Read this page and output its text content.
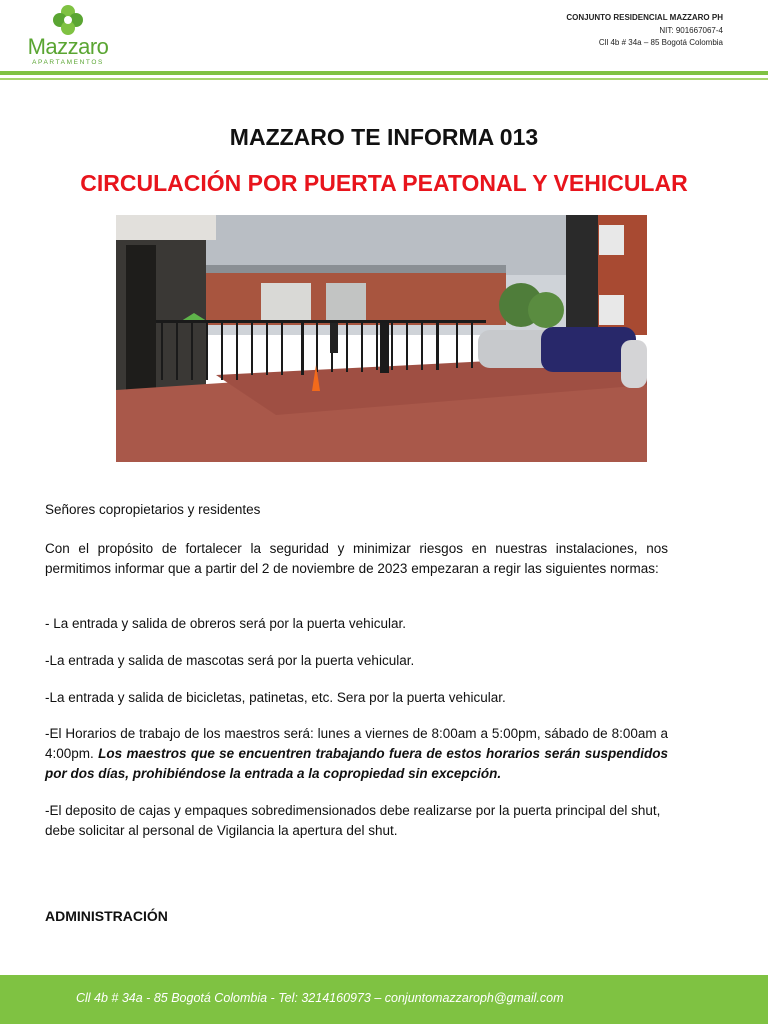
Mazzaro
APARTAMENTOS
CONJUNTO RESIDENCIAL MAZZARO PH
NIT: 901667067-4
Cll 4b # 34a – 85 Bogotá Colombia
MAZZARO TE INFORMA 013
CIRCULACIÓN POR PUERTA PEATONAL Y VEHICULAR
Señores copropietarios y residentes
Con el propósito de fortalecer la seguridad y minimizar riesgos en nuestras instalaciones, nos permitimos informar que a partir del 2 de noviembre de 2023 empezaran a regir las siguientes normas:
- La entrada y salida de obreros será por la puerta vehicular.
-La entrada y salida de mascotas será por la puerta vehicular.
-La entrada y salida de bicicletas, patinetas, etc. Sera por la puerta vehicular.
-El Horarios de trabajo de los maestros será: lunes a viernes de 8:00am a 5:00pm, sábado de 8:00am a 4:00pm. Los maestros que se encuentren trabajando fuera de estos horarios serán suspendidos por dos días, prohibiéndose la entrada a la copropiedad sin excepción.
-El deposito de cajas y empaques sobredimensionados debe realizarse por la puerta principal del shut, debe solicitar al personal de Vigilancia la apertura del shut.
ADMINISTRACIÓN
Cll 4b # 34a - 85 Bogotá Colombia - Tel: 3214160973 – conjuntomazzaroph@gmail.com
